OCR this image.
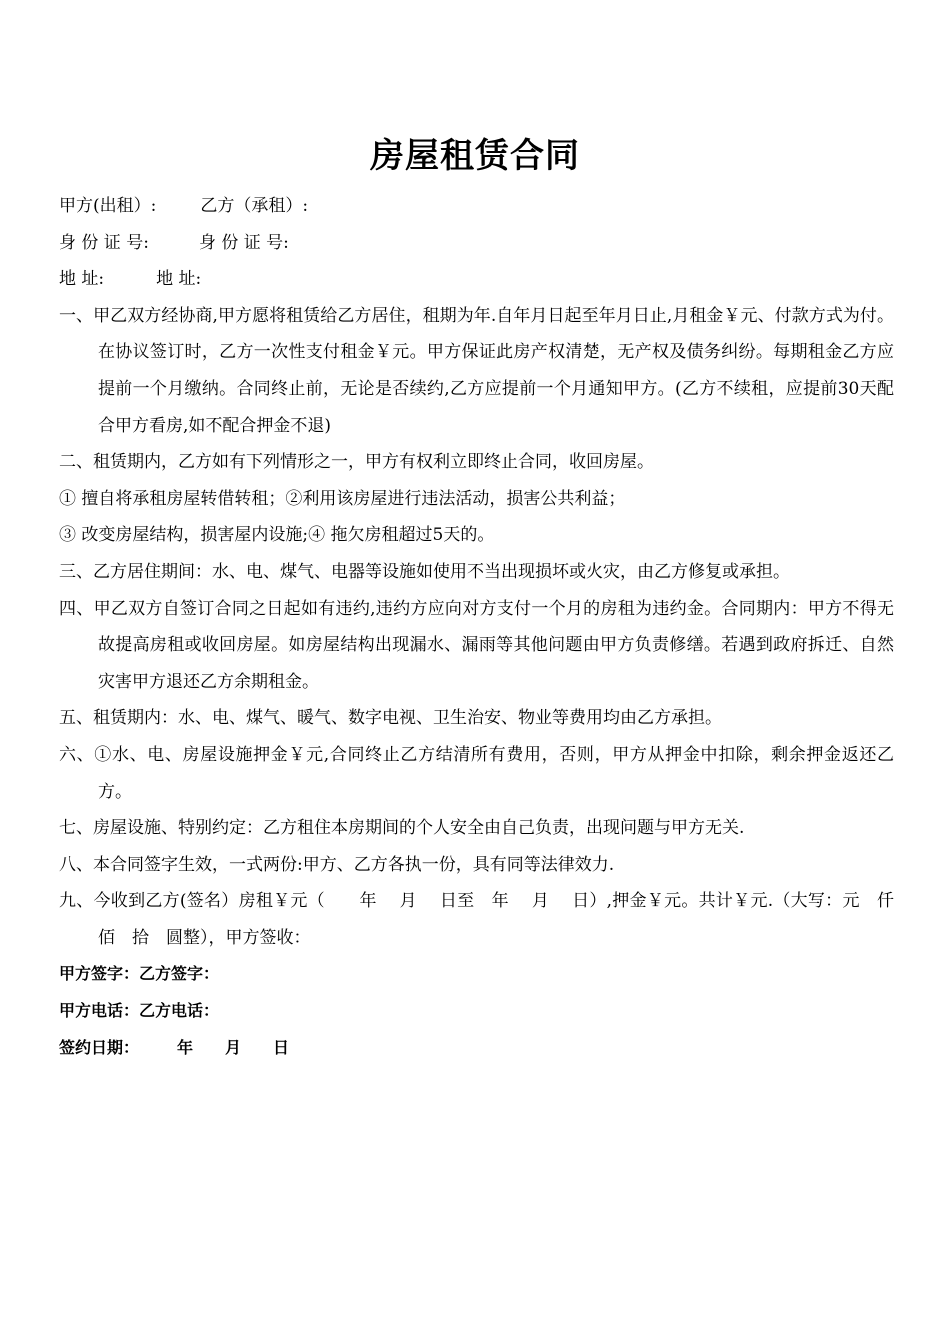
房屋租赁合同
甲方(出租）:	乙方（承租）:
身 份 证 号:	身 份 证 号:
地 址:	地 址:
一、甲乙双方经协商,甲方愿将租赁给乙方居住，租期为年.自年月日起至年月日止,月租金￥元、付款方式为付。在协议签订时，乙方一次性支付租金￥元。甲方保证此房产权清楚，无产权及债务纠纷。每期租金乙方应提前一个月缴纳。合同终止前，无论是否续约,乙方应提前一个月通知甲方。(乙方不续租，应提前30天配合甲方看房,如不配合押金不退)
二、租赁期内，乙方如有下列情形之一，甲方有权利立即终止合同，收回房屋。
① 擅自将承租房屋转借转租；②利用该房屋进行违法活动，损害公共利益；
③ 改变房屋结构，损害屋内设施;④ 拖欠房租超过5天的。
三、乙方居住期间：水、电、煤气、电器等设施如使用不当出现损坏或火灾，由乙方修复或承担。
四、甲乙双方自签订合同之日起如有违约,违约方应向对方支付一个月的房租为违约金。合同期内：甲方不得无故提高房租或收回房屋。如房屋结构出现漏水、漏雨等其他问题由甲方负责修缮。若遇到政府拆迁、自然灾害甲方退还乙方余期租金。
五、租赁期内：水、电、煤气、暖气、数字电视、卫生治安、物业等费用均由乙方承担。
六、①水、电、房屋设施押金￥元,合同终止乙方结清所有费用，否则，甲方从押金中扣除，剩余押金返还乙方。
七、房屋设施、特别约定：乙方租住本房期间的个人安全由自己负责，出现问题与甲方无关.
八、本合同签字生效，一式两份:甲方、乙方各执一份，具有同等法律效力.
九、今收到乙方(签名）房租￥元（　　年　 月　 日至　年　 月　 日）,押金￥元。共计￥元.（大写：元　仟　佰　拾　圆整），甲方签收：
甲方签字：乙方签字：
甲方电话：乙方电话：
签约日期： 年　　月　　日
